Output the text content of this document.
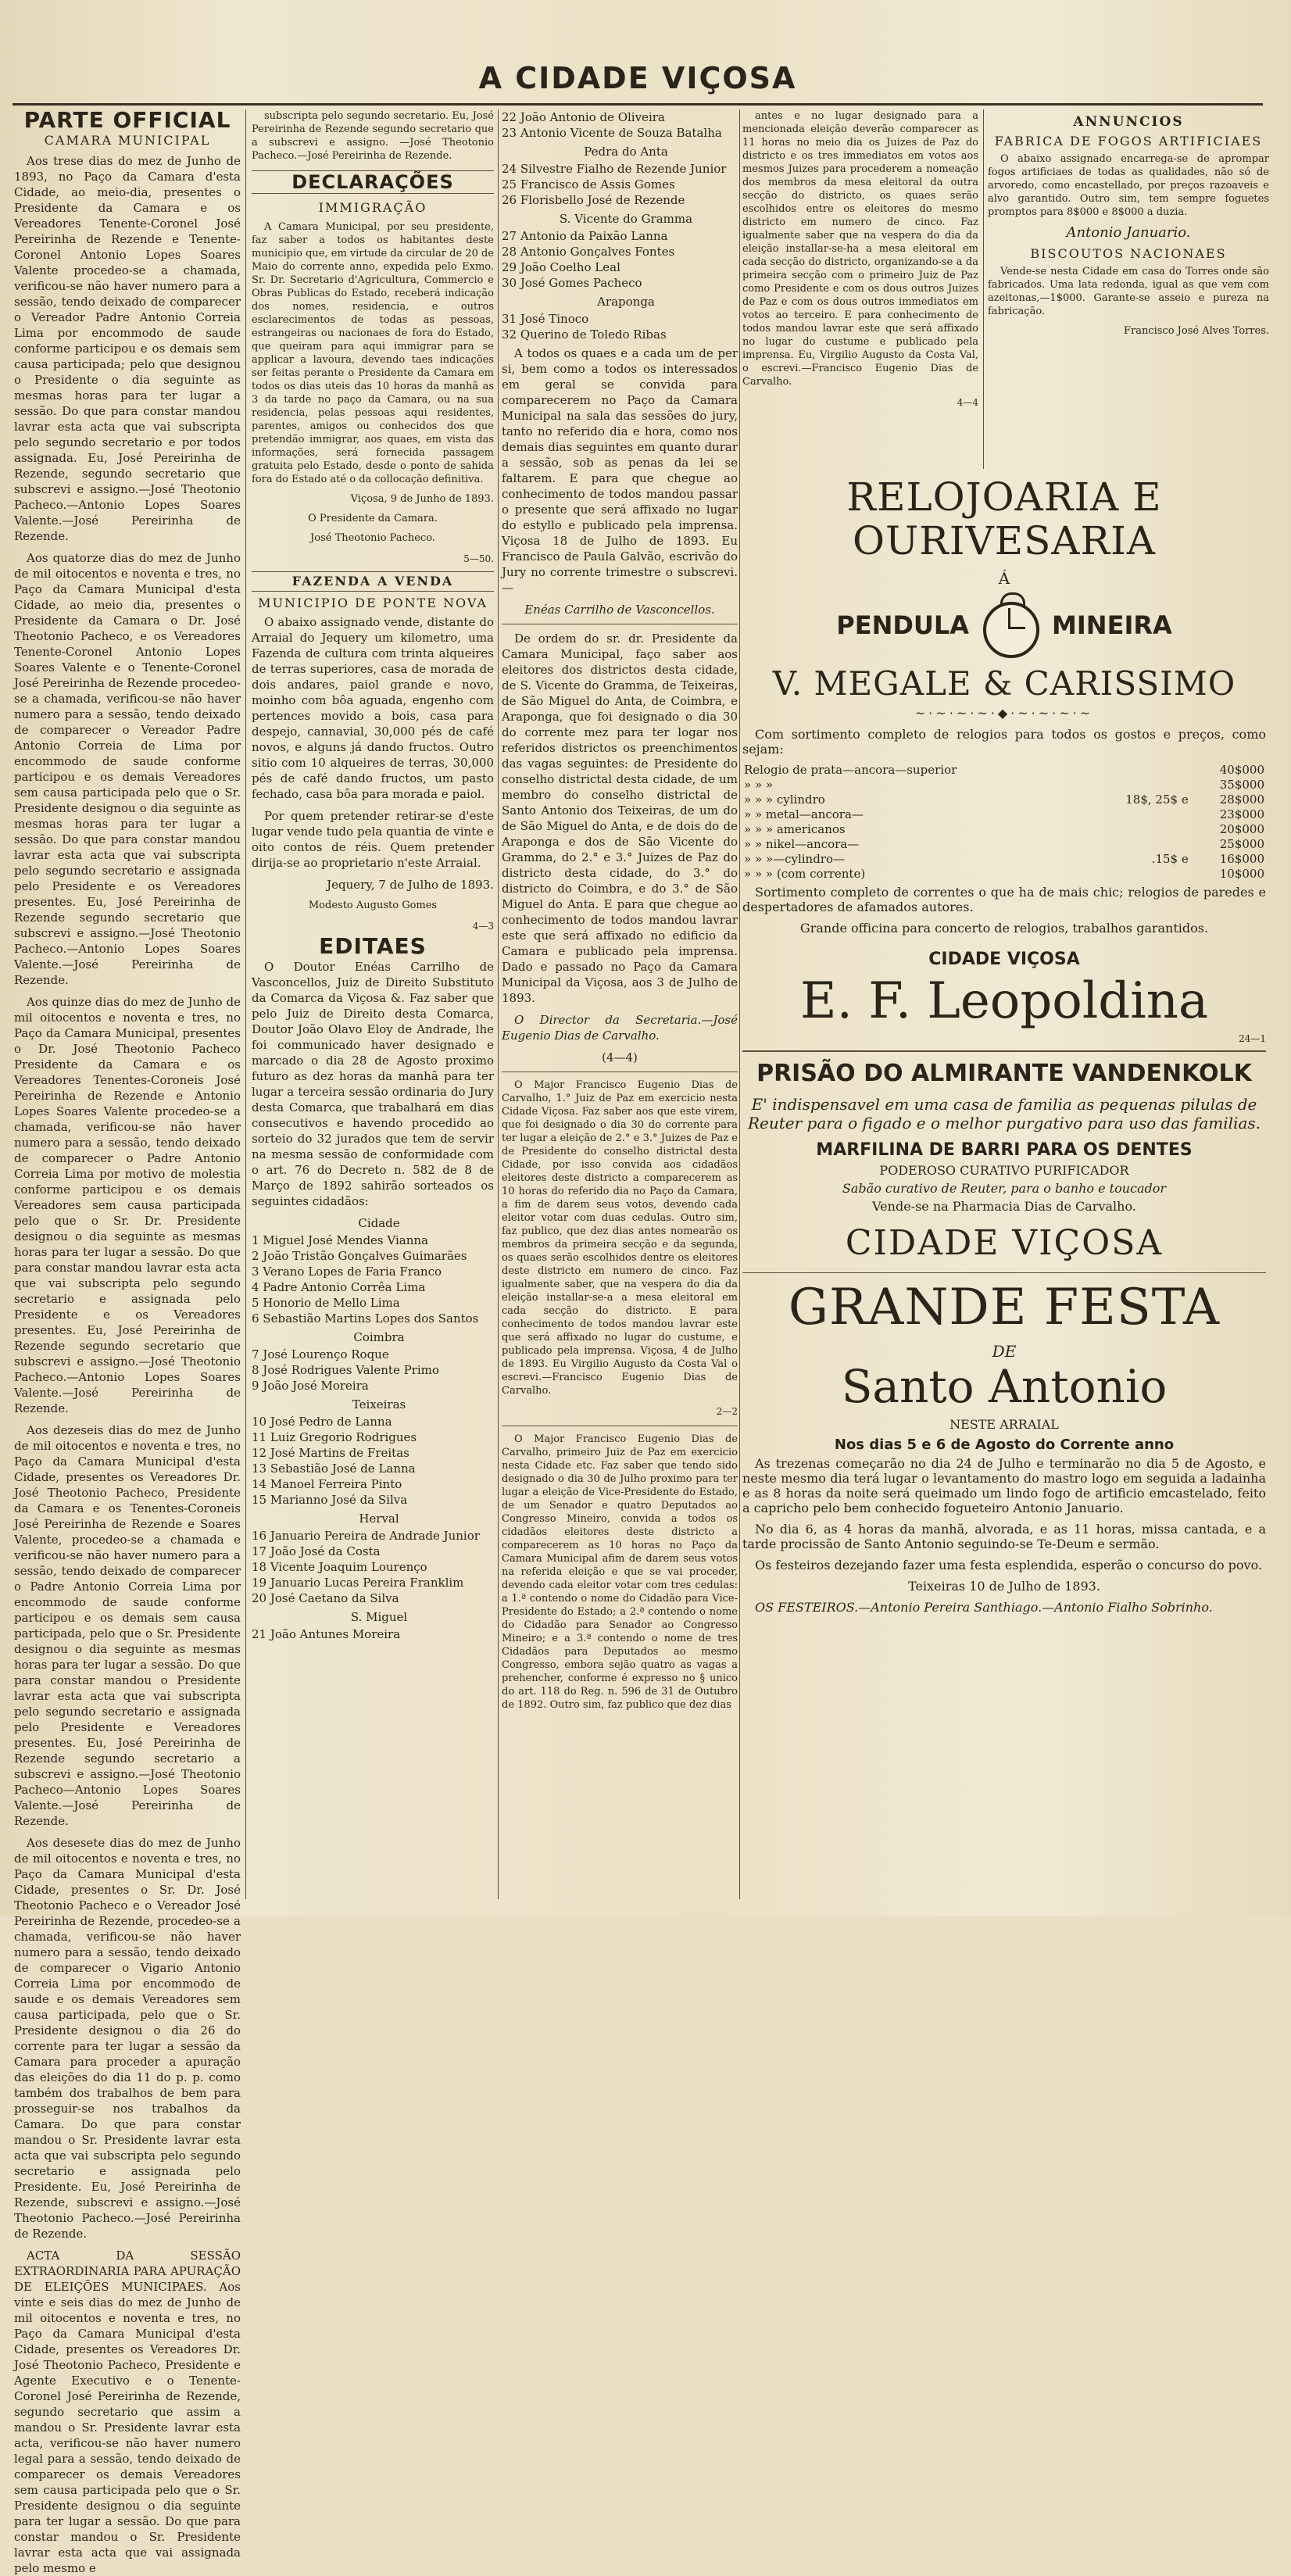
A CIDADE VIÇOSA
PARTE OFFICIAL
CAMARA MUNICIPAL

Aos trese dias do mez de Junho de 1893, no Paço da Camara d'esta Cidade, ao meio-dia, presentes o Presidente da Camara e os Vereadores Tenente-Coronel José Pereirinha de Rezende e Tenente-Coronel Antonio Lopes Soares Valente procedeo-se a chamada, verificou-se não haver numero para a sessão, tendo deixado de comparecer o Vereador Padre Antonio Correia Lima por encommodo de saude conforme participou e os demais sem causa participada; pelo que designou o Presidente o dia seguinte as mesmas horas para ter lugar a sessão. Do que para constar mandou lavrar esta acta que vai subscripta pelo segundo secretario e por todos assignada. Eu, José Pereirinha de Rezende, segundo secretario que subscrevi e assigno.—José Theotonio Pacheco.—Antonio Lopes Soares Valente.—José Pereirinha de Rezende.

Aos quatorze dias do mez de Junho de mil oitocentos e noventa e tres, no Paço da Camara Municipal d'esta Cidade, ao meio dia, presentes o Presidente da Camara o Dr. José Theotonio Pacheco, e os Vereadores Tenente-Coronel Antonio Lopes Soares Valente e o Tenente-Coronel José Pereirinha de Rezende procedeo-se a chamada, verificou-se não haver numero para a sessão, tendo deixado de comparecer o Vereador Padre Antonio Correia de Lima por encommodo de saude conforme participou e os demais Vereadores sem causa participada pelo que o Sr. Presidente designou o dia seguinte as mesmas horas para ter lugar a sessão. Do que para constar mandou lavrar esta acta que vai subscripta pelo segundo secretario e assignada pelo Presidente e os Vereadores presentes. Eu, José Pereirinha de Rezende segundo secretario que subscrevi e assigno.—José Theotonio Pacheco.—Antonio Lopes Soares Valente.—José Pereirinha de Rezende.

Aos quinze dias do mez de Junho de mil oitocentos e noventa e tres, no Paço da Camara Municipal, presentes o Dr. José Theotonio Pacheco Presidente da Camara e os Vereadores Tenentes-Coroneis José Pereirinha de Rezende e Antonio Lopes Soares Valente procedeo-se a chamada, verificou-se não haver numero para a sessão, tendo deixado de comparecer o Padre Antonio Correia Lima por motivo de molestia conforme participou e os demais Vereadores sem causa participada pelo que o Sr. Dr. Presidente designou o dia seguinte as mesmas horas para ter lugar a sessão. Do que para constar mandou lavrar esta acta que vai subscripta pelo segundo secretario e assignada pelo Presidente e os Vereadores presentes. Eu, José Pereirinha de Rezende segundo secretario que subscrevi e assigno.—José Theotonio Pacheco.—Antonio Lopes Soares Valente.—José Pereirinha de Rezende.

Aos dezeseis dias do mez de Junho de mil oitocentos e noventa e tres, no Paço da Camara Municipal d'esta Cidade, presentes os Vereadores Dr. José Theotonio Pacheco, Presidente da Camara e os Tenentes-Coroneis José Pereirinha de Rezende e Soares Valente, procedeo-se a chamada e verificou-se não haver numero para a sessão, tendo deixado de comparecer o Padre Antonio Correia Lima por encommodo de saude conforme participou e os demais sem causa participada, pelo que o Sr. Presidente designou o dia seguinte as mesmas horas para ter lugar a sessão. Do que para constar mandou o Presidente lavrar esta acta que vai subscripta pelo segundo secretario e assignada pelo Presidente e Vereadores presentes. Eu, José Pereirinha de Rezende segundo secretario a subscrevi e assigno.—José Theotonio Pacheco—Antonio Lopes Soares Valente.—José Pereirinha de Rezende.

Aos desesete dias do mez de Junho de mil oitocentos e noventa e tres, no Paço da Camara Municipal d'esta Cidade, presentes o Sr. Dr. José Theotonio Pacheco e o Vereador José Pereirinha de Rezende, procedeo-se a chamada, verificou-se não haver numero para a sessão, tendo deixado de comparecer o Vigario Antonio Correia Lima por encommodo de saude e os demais Vereadores sem causa participada, pelo que o Sr. Presidente designou o dia 26 do corrente para ter lugar a sessão da Camara para proceder a apuração das eleições do dia 11 do p. p. como também dos trabalhos de bem para prosseguir-se nos trabalhos da Camara. Do que para constar mandou o Sr. Presidente lavrar esta acta que vai subscripta pelo segundo secretario e assignada pelo Presidente. Eu, José Pereirinha de Rezende, subscrevi e assigno.—José Theotonio Pacheco.—José Pereirinha de Rezende.

ACTA DA SESSÃO EXTRAORDINARIA PARA APURAÇÃO DE ELEIÇÕES MUNICIPAES. Aos vinte e seis dias do mez de Junho de mil oitocentos e noventa e tres, no Paço da Camara Municipal d'esta Cidade, presentes os Vereadores Dr. José Theotonio Pacheco, Presidente e Agente Executivo e o Tenente-Coronel José Pereirinha de Rezende, segundo secretario que assim a mandou o Sr. Presidente lavrar esta acta, verificou-se não haver numero legal para a sessão, tendo deixado de comparecer os demais Vereadores sem causa participada pelo que o Sr. Presidente designou o dia seguinte para ter lugar a sessão. Do que para constar mandou o Sr. Presidente lavrar esta acta que vai assignada pelo mesmo e

subscripta pelo segundo secretario. Eu, José Pereirinha de Rezende segundo secretario que a subscrevi e assigno. —José Theotonio Pacheco.—José Pereirinha de Rezende.

DECLARAÇÕES
IMMIGRAÇÃO

A Camara Municipal, por seu presidente, faz saber a todos os habitantes deste municipio que, em virtude da circular de 20 de Maio do corrente anno, expedida pelo Exmo. Sr. Dr. Secretario d'Agricultura, Commercio e Obras Publicas do Estado, receberá indicação dos nomes, residencia, e outros esclarecimentos de todas as pessoas, estrangeiras ou nacionaes de fora do Estado, que queiram para aqui immigrar para se applicar a lavoura, devendo taes indicações ser feitas perante o Presidente da Camara em todos os dias uteis das 10 horas da manhã as 3 da tarde no paço da Camara, ou na sua residencia, pelas pessoas aqui residentes, parentes, amigos ou conhecidos dos que pretendão immigrar, aos quaes, em vista das informações, será fornecida passagem gratuita pelo Estado, desde o ponto de sahida fora do Estado até o da collocação definitiva.

Viçosa, 9 de Junho de 1893.

O Presidente da Camara.

José Theotonio Pacheco.

5—50.

FAZENDA A VENDA
MUNICIPIO DE PONTE NOVA

O abaixo assignado vende, distante do Arraial do Jequery um kilometro, uma Fazenda de cultura com trinta alqueires de terras superiores, casa de morada de dois andares, paiol grande e novo, moinho com bôa aguada, engenho com pertences movido a bois, casa para despejo, cannavial, 30,000 pés de café novos, e alguns já dando fructos. Outro sitio com 10 alqueires de terras, 30,000 pés de café dando fructos, um pasto fechado, casa bôa para morada e paiol.

Por quem pretender retirar-se d'este lugar vende tudo pela quantia de vinte e oito contos de réis. Quem pretender dirija-se ao proprietario n'este Arraial.

Jequery, 7 de Julho de 1893.

Modesto Augusto Gomes

4—3

EDITAES

O Doutor Enéas Carrilho de Vasconcellos, Juiz de Direito Substituto da Comarca da Viçosa &. Faz saber que pelo Juiz de Direito desta Comarca, Doutor João Olavo Eloy de Andrade, lhe foi communicado haver designado e marcado o dia 28 de Agosto proximo futuro as dez horas da manhã para ter lugar a terceira sessão ordinaria do Jury desta Comarca, que trabalhará em dias consecutivos e havendo procedido ao sorteio do 32 jurados que tem de servir na mesma sessão de conformidade com o art. 76 do Decreto n. 582 de 8 de Março de 1892 sahirão sorteados os seguintes cidadãos:

Cidade

1 Miguel José Mendes Vianna
2 João Tristão Gonçalves Guimarães
3 Verano Lopes de Faria Franco
4 Padre Antonio Corrêa Lima
5 Honorio de Mello Lima
6 Sebastião Martins Lopes dos Santos

Coimbra

7 José Lourenço Roque
8 José Rodrigues Valente Primo
9 João José Moreira

Teixeiras

10 José Pedro de Lanna
11 Luiz Gregorio Rodrigues
12 José Martins de Freitas
13 Sebastião José de Lanna
14 Manoel Ferreira Pinto
15 Marianno José da Silva

Herval

16 Januario Pereira de Andrade Junior
17 João José da Costa
18 Vicente Joaquim Lourenço
19 Januario Lucas Pereira Franklim
20 José Caetano da Silva

S. Miguel

21 João Antunes Moreira
22 João Antonio de Oliveira
23 Antonio Vicente de Souza Batalha

Pedra do Anta

24 Silvestre Fialho de Rezende Junior
25 Francisco de Assis Gomes
26 Florisbello José de Rezende

S. Vicente do Gramma

27 Antonio da Paixão Lanna
28 Antonio Gonçalves Fontes
29 João Coelho Leal
30 José Gomes Pacheco

Araponga

31 José Tinoco
32 Querino de Toledo Ribas

A todos os quaes e a cada um de per si, bem como a todos os interessados em geral se convida para comparecerem no Paço da Camara Municipal na sala das sessões do jury, tanto no referido dia e hora, como nos demais dias seguintes em quanto durar a sessão, sob as penas da lei se faltarem. E para que chegue ao conhecimento de todos mandou passar o presente que será affixado no lugar do estyllo e publicado pela imprensa. Viçosa 18 de Julho de 1893. Eu Francisco de Paula Galvão, escrivão do Jury no corrente trimestre o subscrevi.—

Enéas Carrilho de Vasconcellos.

De ordem do sr. dr. Presidente da Camara Municipal, faço saber aos eleitores dos districtos desta cidade, de S. Vicente do Gramma, de Teixeiras, de São Miguel do Anta, de Coimbra, e Araponga, que foi designado o dia 30 do corrente mez para ter logar nos referidos districtos os preenchimentos das vagas seguintes: de Presidente do conselho districtal desta cidade, de um membro do conselho districtal de Santo Antonio dos Teixeiras, de um do de São Miguel do Anta, e de dois do de Araponga e dos de São Vicente do Gramma, do 2.° e 3.° Juizes de Paz do districto desta cidade, do 3.° do districto do Coimbra, e do 3.° de São Miguel do Anta. E para que chegue ao conhecimento de todos mandou lavrar este que será affixado no edificio da Camara e publicado pela imprensa. Dado e passado no Paço da Camara Municipal da Viçosa, aos 3 de Julho de 1893.

O Director da Secretaria.—José Eugenio Dias de Carvalho.

(4—4)

O Major Francisco Eugenio Dias de Carvalho, 1.° Juiz de Paz em exercicio nesta Cidade Viçosa. Faz saber aos que este virem, que foi designado o dia 30 do corrente para ter lugar a eleição de 2.° e 3.° Juizes de Paz e de Presidente do conselho districtal desta Cidade, por isso convida aos cidadãos eleitores deste districto a comparecerem as 10 horas do referido dia no Paço da Camara, a fim de darem seus votos, devendo cada eleitor votar com duas cedulas. Outro sim, faz publico, que dez dias antes nomearão os membros da primeira secção e da segunda, os quaes serão escolhidos dentre os eleitores deste districto em numero de cinco. Faz igualmente saber, que na vespera do dia da eleição installar-se-a a mesa eleitoral em cada secção do districto. E para conhecimento de todos mandou lavrar este que será affixado no lugar do custume, e publicado pela imprensa. Viçosa, 4 de Julho de 1893. Eu Virgilio Augusto da Costa Val o escrevi.—Francisco Eugenio Dias de Carvalho.

2—2

O Major Francisco Eugenio Dias de Carvalho, primeiro Juiz de Paz em exercicio nesta Cidade etc. Faz saber que tendo sido designado o dia 30 de Julho proximo para ter lugar a eleição de Vice-Presidente do Estado, de um Senador e quatro Deputados ao Congresso Mineiro, convida a todos os cidadãos eleitores deste districto a comparecerem as 10 horas no Paço da Camara Municipal afim de darem seus votos na referida eleição e que se vai proceder, devendo cada eleitor votar com tres cedulas: a 1.ª contendo o nome do Cidadão para Vice-Presidente do Estado; a 2.ª contendo o nome do Cidadão para Senador ao Congresso Mineiro; e a 3.ª contendo o nome de tres Cidadãos para Deputados ao mesmo Congresso, embora sejão quatro as vagas a prehencher, conforme é expresso no § unico do art. 118 do Reg. n. 596 de 31 de Outubro de 1892. Outro sim, faz publico que dez dias

antes e no lugar designado para a mencionada eleição deverão comparecer as 11 horas no meio dia os Juizes de Paz do districto e os tres immediatos em votos aos mesmos Juizes para procederem a nomeação dos membros da mesa eleitoral da outra secção do districto, os quaes serão escolhidos entre os eleitores do mesmo districto em numero de cinco. Faz igualmente saber que na vespera do dia da eleição installar-se-ha a mesa eleitoral em cada secção do districto, organizando-se a da primeira secção com o primeiro Juiz de Paz como Presidente e com os dous outros Juizes de Paz e com os dous outros immediatos em votos ao terceiro. E para conhecimento de todos mandou lavrar este que será affixado no lugar do custume e publicado pela imprensa. Eu, Virgilio Augusto da Costa Val, o escrevi.—Francisco Eugenio Dias de Carvalho.

4—4

ANNUNCIOS
FABRICA DE FOGOS ARTIFICIAES

O abaixo assignado encarrega-se de aprompar fogos artificiaes de todas as qualidades, não só de arvoredo, como encastellado, por preços razoaveis e alvo garantido. Outro sim, tem sempre foguetes promptos para 8$000 e 8$000 a duzia.

Antonio Januario.

BISCOUTOS NACIONAES

Vende-se nesta Cidade em casa do Torres onde são fabricados. Uma lata redonda, igual as que vem com azeitonas,—1$000. Garante-se asseio e pureza na fabricação.

Francisco José Alves Torres.

RELOJOARIA E OURIVESARIA
Á
PENDULA	MINEIRA
V. MEGALE & CARISSIMO
~·~·~·~·◆·~·~·~·~

Com sortimento completo de relogios para todos os gostos e preços, como sejam:

Relogio de prata—ancora—superior		40$000
» » »		35$000
» » » cylindro	18$, 25$ e	28$000
» » metal—ancora—		23$000
» » » americanos		20$000
» » nikel—ancora—		25$000
» » »—cylindro—	.15$ e	16$000
» » » (com corrente)		10$000

Sortimento completo de correntes o que ha de mais chic; relogios de paredes e despertadores de afamados autores.

Grande officina para concerto de relogios, trabalhos garantidos.

CIDADE VIÇOSA
E. F. Leopoldina

24—1

PRISÃO DO ALMIRANTE VANDENKOLK

E' indispensavel em uma casa de familia as pequenas pilulas de Reuter para o figado e o melhor purgativo para uso das familias.

MARFILINA DE BARRI PARA OS DENTES
PODEROSO CURATIVO PURIFICADOR
Sabão curativo de Reuter, para o banho e toucador
Vende-se na Pharmacia Dias de Carvalho.
CIDADE VIÇOSA
GRANDE FESTA
DE
Santo Antonio
NESTE ARRAIAL
Nos dias 5 e 6 de Agosto do Corrente anno

As trezenas começarão no dia 24 de Julho e terminarão no dia 5 de Agosto, e neste mesmo dia terá lugar o levantamento do mastro logo em seguida a ladainha e as 8 horas da noite será queimado um lindo fogo de artificio emcastelado, feito a capricho pelo bem conhecido fogueteiro Antonio Januario.

No dia 6, as 4 horas da manhã, alvorada, e as 11 horas, missa cantada, e a tarde procissão de Santo Antonio seguindo-se Te-Deum e sermão.

Os festeiros dezejando fazer uma festa esplendida, esperão o concurso do povo.

Teixeiras 10 de Julho de 1893.

OS FESTEIROS.—Antonio Pereira Santhiago.—Antonio Fialho Sobrinho.
